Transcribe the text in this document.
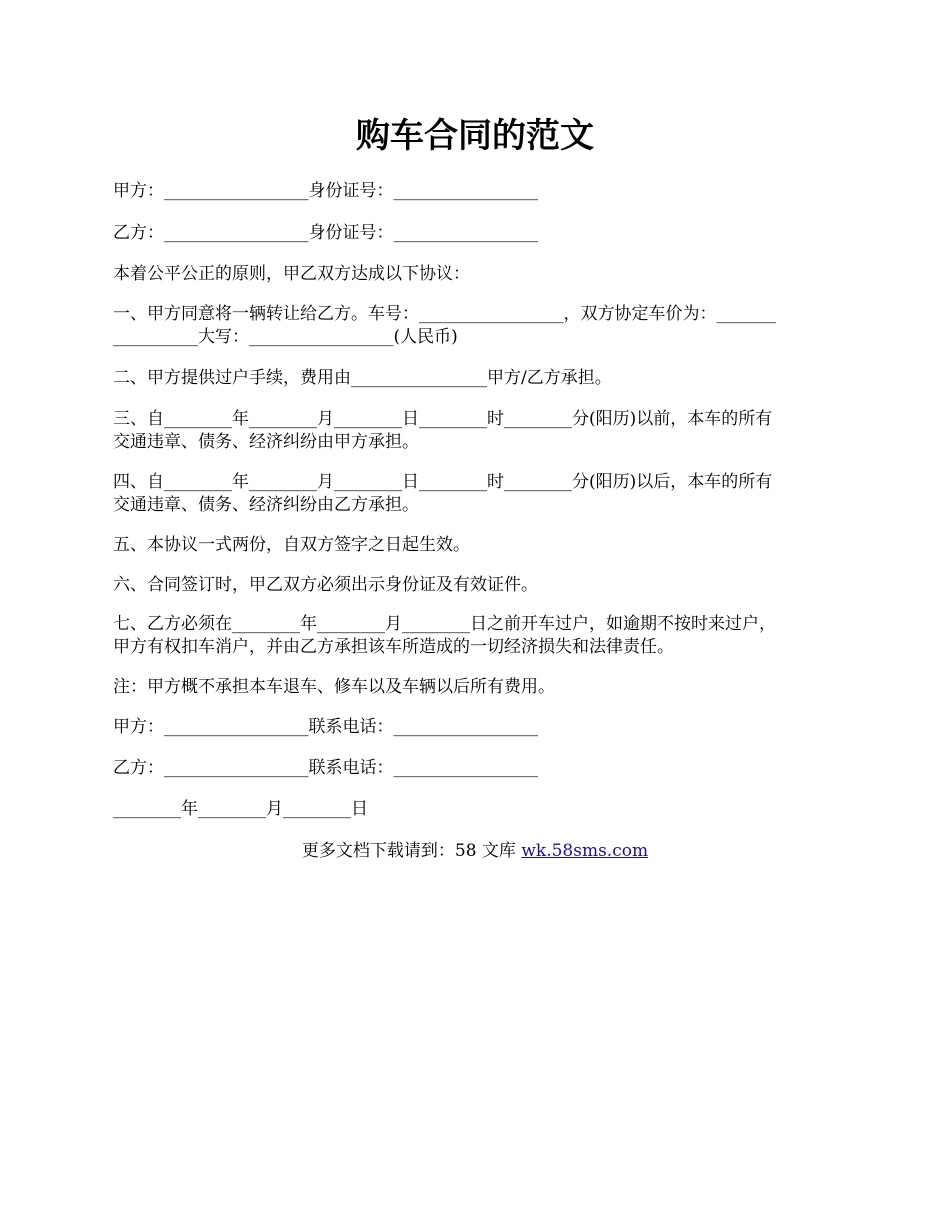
购车合同的范文

甲方：_________________身份证号：_________________

乙方：_________________身份证号：_________________

本着公平公正的原则，甲乙双方达成以下协议：

一、甲方同意将一辆转让给乙方。车号：_________________，双方协定车价为：_______
__________大写：_________________(人民币)

二、甲方提供过户手续，费用由________________甲方/乙方承担。

三、自________年________月________日________时________分(阳历)以前，本车的所有
交通违章、债务、经济纠纷由甲方承担。

四、自________年________月________日________时________分(阳历)以后，本车的所有
交通违章、债务、经济纠纷由乙方承担。

五、本协议一式两份，自双方签字之日起生效。

六、合同签订时，甲乙双方必须出示身份证及有效证件。

七、乙方必须在________年________月________日之前开车过户，如逾期不按时来过户，
甲方有权扣车消户，并由乙方承担该车所造成的一切经济损失和法律责任。

注：甲方概不承担本车退车、修车以及车辆以后所有费用。

甲方：_________________联系电话：_________________

乙方：_________________联系电话：_________________

________年________月________日

更多文档下载请到：58 文库 wk.58sms.com
